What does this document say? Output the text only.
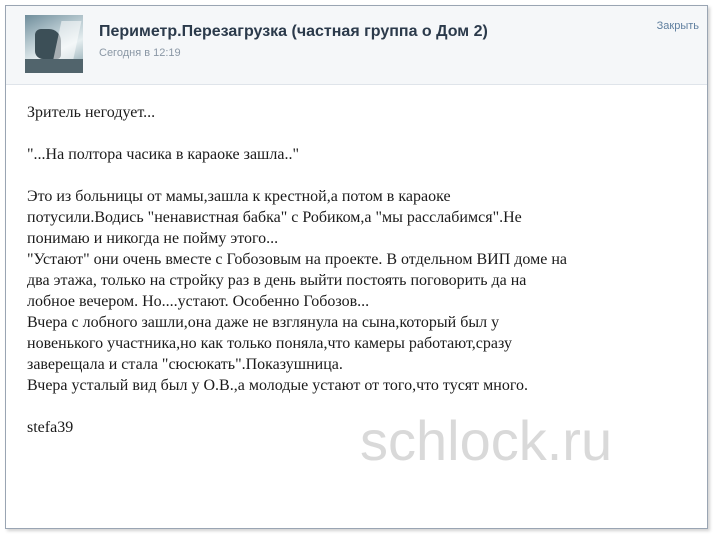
Периметр.Перезагрузка (частная группа о Дом 2)
Сегодня в 12:19
Закрыть

Зритель негодует...

"...На полтора часика в караоке зашла.."

Это из больницы от мамы,зашла к крестной,а потом в караоке

потусили.Водись "ненавистная бабка" с Робиком,а "мы расслабимся".Не

понимаю и никогда не пойму этого...

"Устают" они очень вместе с Гобозовым на проекте. В отдельном ВИП доме на

два этажа, только на стройку раз в день выйти постоять поговорить да на

лобное вечером. Но....устают. Особенно Гобозов...

Вчера с лобного зашли,она даже не взглянула на сына,который был у

новенького участника,но как только поняла,что камеры работают,сразу

заверещала и стала "сюсюкать".Показушница.

Вчера усталый вид был у О.В.,а молодые устают от того,что тусят много.

stefa39	schlock.ru
